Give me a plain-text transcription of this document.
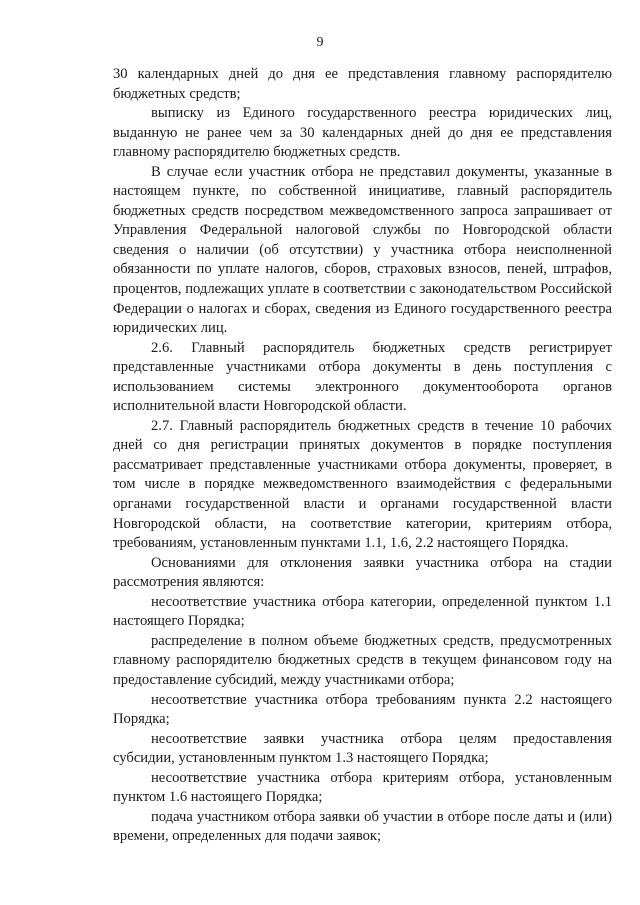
9

30 календарных дней до дня ее представления главному распорядителю бюджетных средств;

выписку из Единого государственного реестра юридических лиц, выданную не ранее чем за 30 календарных дней до дня ее представления главному распорядителю бюджетных средств.

В случае если участник отбора не представил документы, указанные в настоящем пункте, по собственной инициативе, главный распорядитель бюджетных средств посредством межведомственного запроса запрашивает от Управления Федеральной налоговой службы по Новгородской области сведения о наличии (об отсутствии) у участника отбора неисполненной обязанности по уплате налогов, сборов, страховых взносов, пеней, штрафов, процентов, подлежащих уплате в соответствии с законодательством Российской Федерации о налогах и сборах, сведения из Единого государственного реестра юридических лиц.

2.6. Главный распорядитель бюджетных средств регистрирует представленные участниками отбора документы в день поступления с использованием системы электронного документооборота органов исполнительной власти Новгородской области.

2.7. Главный распорядитель бюджетных средств в течение 10 рабочих дней со дня регистрации принятых документов в порядке поступления рассматривает представленные участниками отбора документы, проверяет, в том числе в порядке межведомственного взаимодействия с федеральными органами государственной власти и органами государственной власти Новгородской области, на соответствие категории, критериям отбора, требованиям, установленным пунктами 1.1, 1.6, 2.2 настоящего Порядка.

Основаниями для отклонения заявки участника отбора на стадии рассмотрения являются:

несоответствие участника отбора категории, определенной пунктом 1.1 настоящего Порядка;

распределение в полном объеме бюджетных средств, предусмотренных главному распорядителю бюджетных средств в текущем финансовом году на предоставление субсидий, между участниками отбора;

несоответствие участника отбора требованиям пункта 2.2 настоящего Порядка;

несоответствие заявки участника отбора целям предоставления субсидии, установленным пунктом 1.3 настоящего Порядка;

несоответствие участника отбора критериям отбора, установленным пунктом 1.6 настоящего Порядка;

подача участником отбора заявки об участии в отборе после даты и (или) времени, определенных для подачи заявок;
